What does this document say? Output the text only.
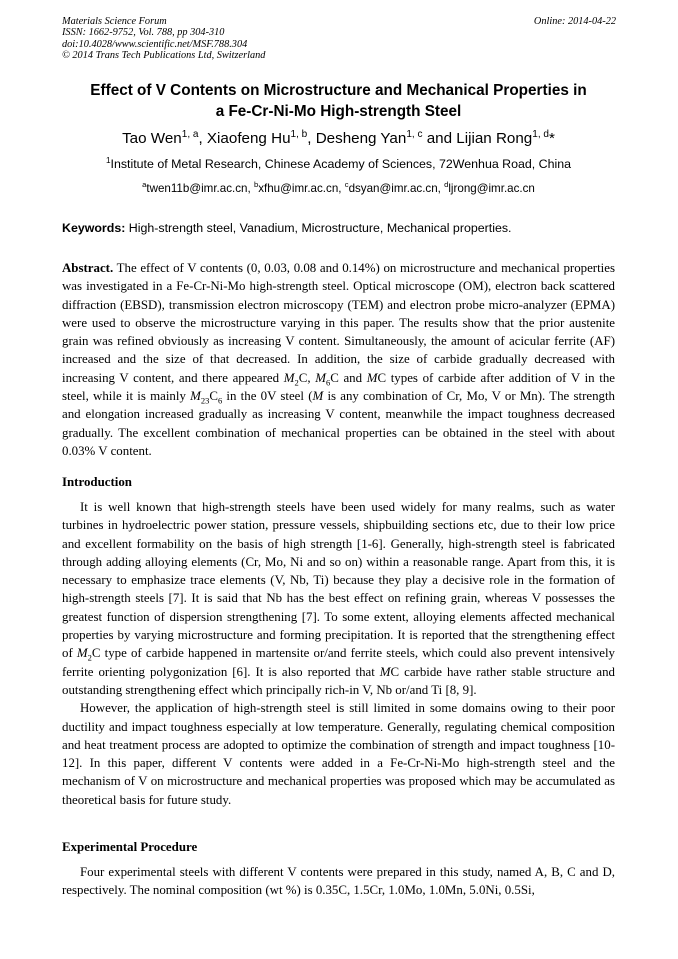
Materials Science Forum
ISSN: 1662-9752, Vol. 788, pp 304-310
doi:10.4028/www.scientific.net/MSF.788.304
© 2014 Trans Tech Publications Ltd, Switzerland
Online: 2014-04-22
Effect of V Contents on Microstructure and Mechanical Properties in
a Fe-Cr-Ni-Mo High-strength Steel
Tao Wen$^{1, a}$, Xiaofeng Hu$^{1, b}$, Desheng Yan$^{1, c}$ and Lijian Rong$^{1, d}$*
$^1$Institute of Metal Research, Chinese Academy of Sciences, 72Wenhua Road, China
$^a$twen11b@imr.ac.cn, $^b$xfhu@imr.ac.cn, $^c$dsyan@imr.ac.cn, $^d$ljrong@imr.ac.cn
Keywords: High-strength steel, Vanadium, Microstructure, Mechanical properties.
Abstract. The effect of V contents (0, 0.03, 0.08 and 0.14%) on microstructure and mechanical properties was investigated in a Fe-Cr-Ni-Mo high-strength steel. Optical microscope (OM), electron back scattered diffraction (EBSD), transmission electron microscopy (TEM) and electron probe micro-analyzer (EPMA) were used to observe the microstructure varying in this paper. The results show that the prior austenite grain was refined obviously as increasing V content. Simultaneously, the amount of acicular ferrite (AF) increased and the size of that decreased. In addition, the size of carbide gradually decreased with increasing V content, and there appeared $M_2C$, $M_6C$ and MC types of carbide after addition of V in the steel, while it is mainly $M_{23}C_6$ in the 0V steel (M is any combination of Cr, Mo, V or Mn). The strength and elongation increased gradually as increasing V content, meanwhile the impact toughness decreased gradually. The excellent combination of mechanical properties can be obtained in the steel with about 0.03% V content.
Introduction

It is well known that high-strength steels have been used widely for many realms, such as water turbines in hydroelectric power station, pressure vessels, shipbuilding sections etc, due to their low price and excellent formability on the basis of high strength [1-6]. Generally, high-strength steel is fabricated through adding alloying elements (Cr, Mo, Ni and so on) within a reasonable range. Apart from this, it is necessary to emphasize trace elements (V, Nb, Ti) because they play a decisive role in the formation of high-strength steels [7]. It is said that Nb has the best effect on refining grain, whereas V possesses the greatest function of dispersion strengthening [7]. To some extent, alloying elements affected mechanical properties by varying microstructure and forming precipitation. It is reported that the strengthening effect of $M_2C$ type of carbide happened in martensite or/and ferrite steels, which could also prevent intensively ferrite orienting polygonization [6]. It is also reported that MC carbide have rather stable structure and outstanding strengthening effect which principally rich-in V, Nb or/and Ti [8, 9].

However, the application of high-strength steel is still limited in some domains owing to their poor ductility and impact toughness especially at low temperature. Generally, regulating chemical composition and heat treatment process are adopted to optimize the combination of strength and impact toughness [10-12]. In this paper, different V contents were added in a Fe-Cr-Ni-Mo high-strength steel and the mechanism of V on microstructure and mechanical properties was proposed which may be accumulated as theoretical basis for future study.

Experimental Procedure

Four experimental steels with different V contents were prepared in this study, named A, B, C and D, respectively. The nominal composition (wt %) is 0.35C, 1.5Cr, 1.0Mo, 1.0Mn, 5.0Ni, 0.5Si,
